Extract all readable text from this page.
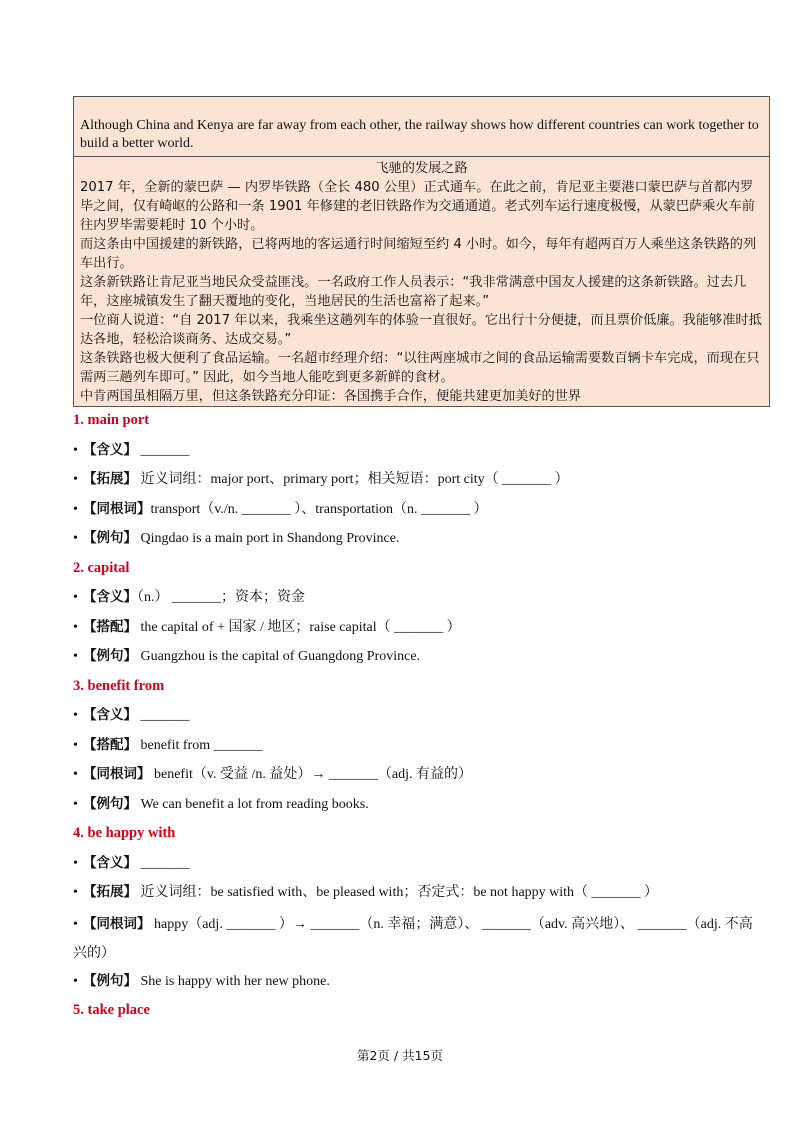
Although China and Kenya are far away from each other, the railway shows how different countries can work together to build a better world.
飞驰的发展之路

2017 年，全新的蒙巴萨 — 内罗毕铁路（全长 480 公里）正式通车。在此之前，肯尼亚主要港口蒙巴萨与首都内罗毕之间，仅有崎岖的公路和一条 1901 年修建的老旧铁路作为交通通道。老式列车运行速度极慢，从蒙巴萨乘火车前往内罗毕需要耗时 10 个小时。

而这条由中国援建的新铁路，已将两地的客运通行时间缩短至约 4 小时。如今，每年有超两百万人乘坐这条铁路的列车出行。

这条新铁路让肯尼亚当地民众受益匪浅。一名政府工作人员表示：“我非常满意中国友人援建的这条新铁路。过去几年，这座城镇发生了翻天覆地的变化，当地居民的生活也富裕了起来。”

一位商人说道：“自 2017 年以来，我乘坐这趟列车的体验一直很好。它出行十分便捷，而且票价低廉。我能够准时抵达各地，轻松洽谈商务、达成交易。”

这条铁路也极大便利了食品运输。一名超市经理介绍：“以往两座城市之间的食品运输需要数百辆卡车完成，而现在只需两三趟列车即可。” 因此，如今当地人能吃到更多新鲜的食材。

中肯两国虽相隔万里，但这条铁路充分印证：各国携手合作，便能共建更加美好的世界

1. main port
• 【含义】 _______
• 【拓展】 近义词组：major port、primary port；相关短语：port city（ _______ ）
• 【同根词】transport（v./n. _______ ）、transportation（n. _______ ）
• 【例句】 Qingdao is a main port in Shandong Province.
2. capital
• 【含义】（n.） _______；资本；资金
• 【搭配】 the capital of + 国家 / 地区；raise capital（ _______ ）
• 【例句】 Guangzhou is the capital of Guangdong Province.
3. benefit from
• 【含义】 _______
• 【搭配】 benefit from _______
• 【同根词】 benefit（v. 受益 /n. 益处）→ _______（adj. 有益的）
• 【例句】 We can benefit a lot from reading books.
4. be happy with
• 【含义】 _______
• 【拓展】 近义词组：be satisfied with、be pleased with；否定式：be not happy with（ _______ ）
• 【同根词】 happy（adj. _______ ）→ _______（n. 幸福；满意）、 _______（adv. 高兴地）、 _______（adj. 不高兴的）
• 【例句】 She is happy with her new phone.
5. take place
第2页 / 共15页
